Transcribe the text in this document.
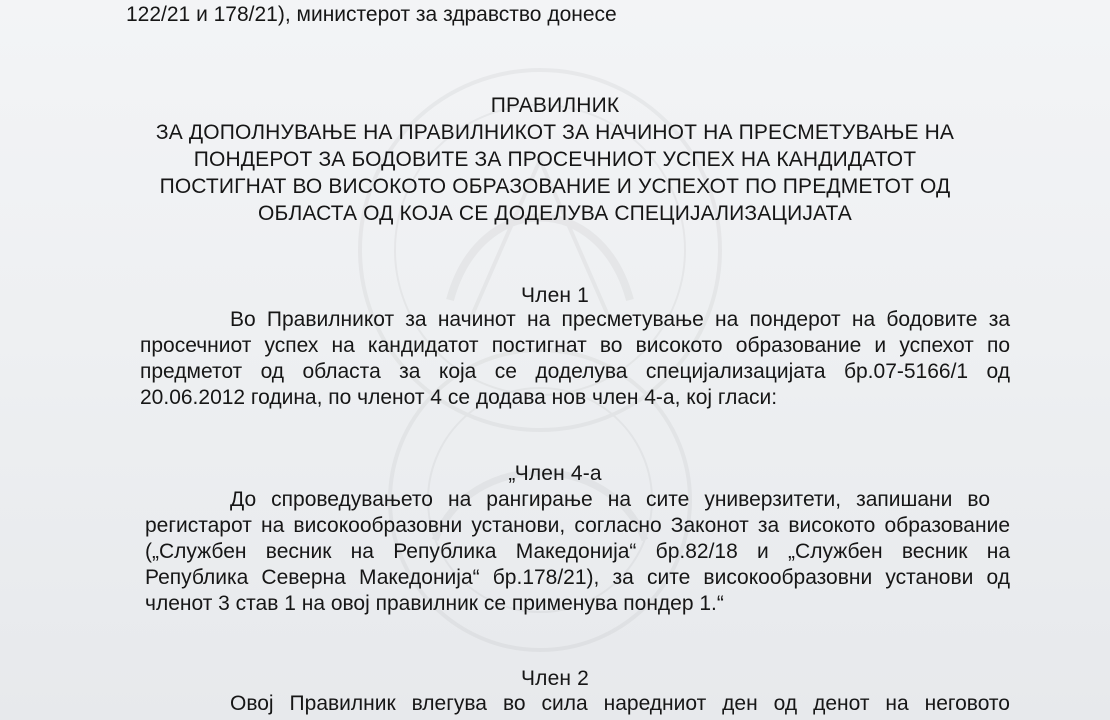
122/21 и 178/21), министерот за здравство донесе
ПРАВИЛНИК
ЗА ДОПОЛНУВАЊЕ НА ПРАВИЛНИКОТ ЗА НАЧИНОТ НА ПРЕСМЕТУВАЊЕ НА
ПОНДЕРОТ ЗА БОДОВИТЕ ЗА ПРОСЕЧНИОТ УСПЕХ НА КАНДИДАТОТ
ПОСТИГНАТ ВО ВИСОКОТО ОБРАЗОВАНИЕ И УСПЕХОТ ПО ПРЕДМЕТОТ ОД
ОБЛАСТА ОД КОЈА СЕ ДОДЕЛУВА СПЕЦИЈАЛИЗАЦИЈАТА
Член 1
Во Правилникот за начинот на пресметување на пондерот на бодовите за
просечниот успех на кандидатот постигнат во високото образование и успехот по
предметот од областа за која се доделува специјализацијата бр.07-5166/1 од
20.06.2012 година, по членот 4 се додава нов член 4-а, кој гласи:
„Член 4-а
До спроведувањето на рангирање на сите универзитети, запишани во
регистарот на високообразовни установи, согласно Законот за високото образование
(„Службен весник на Република Македонија“ бр.82/18 и „Службен весник на
Република Северна Македонија“ бр.178/21), за сите високообразовни установи од
членот 3 став 1 на овој правилник се применува пондер 1.“
Член 2
Овој Правилник влегува во сила наредниот ден од денот на неговото
